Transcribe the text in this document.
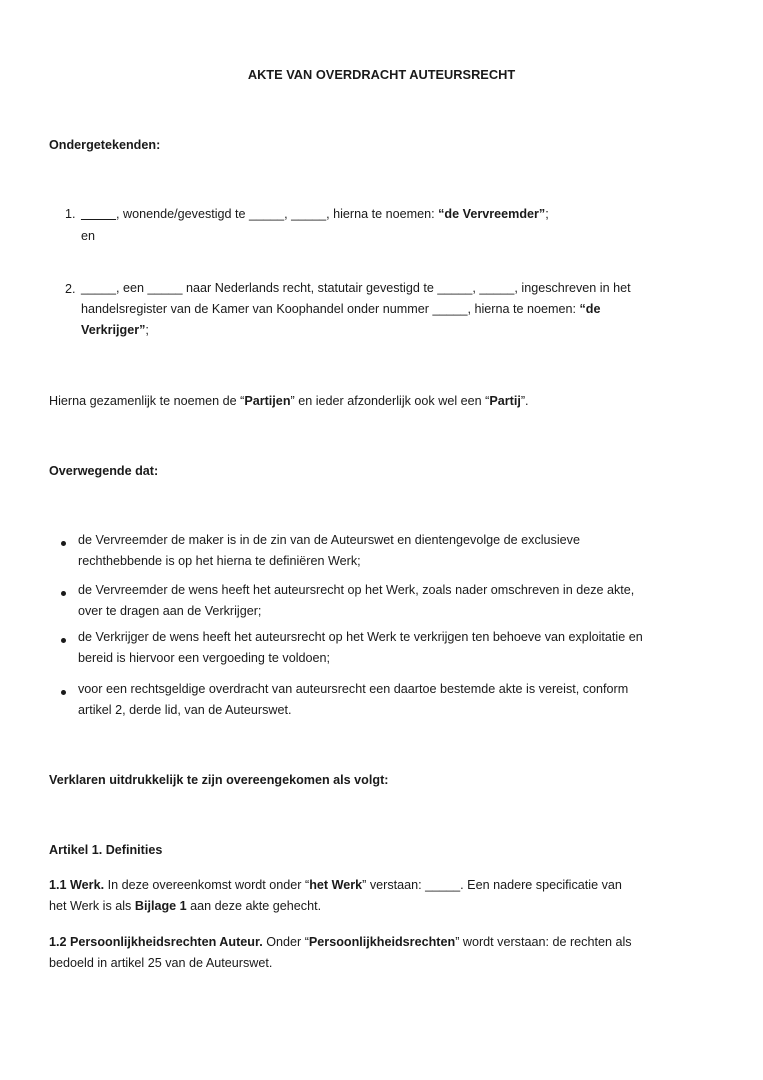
AKTE VAN OVERDRACHT AUTEURSRECHT
Ondergetekenden:
1. _____, wonende/gevestigd te _____, _____, hierna te noemen: “de Vervreemder”;
en
2. _____, een _____ naar Nederlands recht, statutair gevestigd te _____, _____, ingeschreven in het
handelsregister van de Kamer van Koophandel onder nummer _____, hierna te noemen: “de
Verkrijger”;
Hierna gezamenlijk te noemen de “Partijen” en ieder afzonderlijk ook wel een “Partij”.
Overwegende dat:
de Vervreemder de maker is in de zin van de Auteurswet en dientengevolge de exclusieve
rechthebbende is op het hierna te definiëren Werk;
de Vervreemder de wens heeft het auteursrecht op het Werk, zoals nader omschreven in deze akte,
over te dragen aan de Verkrijger;
de Verkrijger de wens heeft het auteursrecht op het Werk te verkrijgen ten behoeve van exploitatie en
bereid is hiervoor een vergoeding te voldoen;
voor een rechtsgeldige overdracht van auteursrecht een daartoe bestemde akte is vereist, conform
artikel 2, derde lid, van de Auteurswet.
Verklaren uitdrukkelijk te zijn overeengekomen als volgt:
Artikel 1. Definities
1.1 Werk. In deze overeenkomst wordt onder “het Werk” verstaan: _____. Een nadere specificatie van
het Werk is als Bijlage 1 aan deze akte gehecht.
1.2 Persoonlijkheidsrechten Auteur. Onder “Persoonlijkheidsrechten” wordt verstaan: de rechten als
bedoeld in artikel 25 van de Auteurswet.
